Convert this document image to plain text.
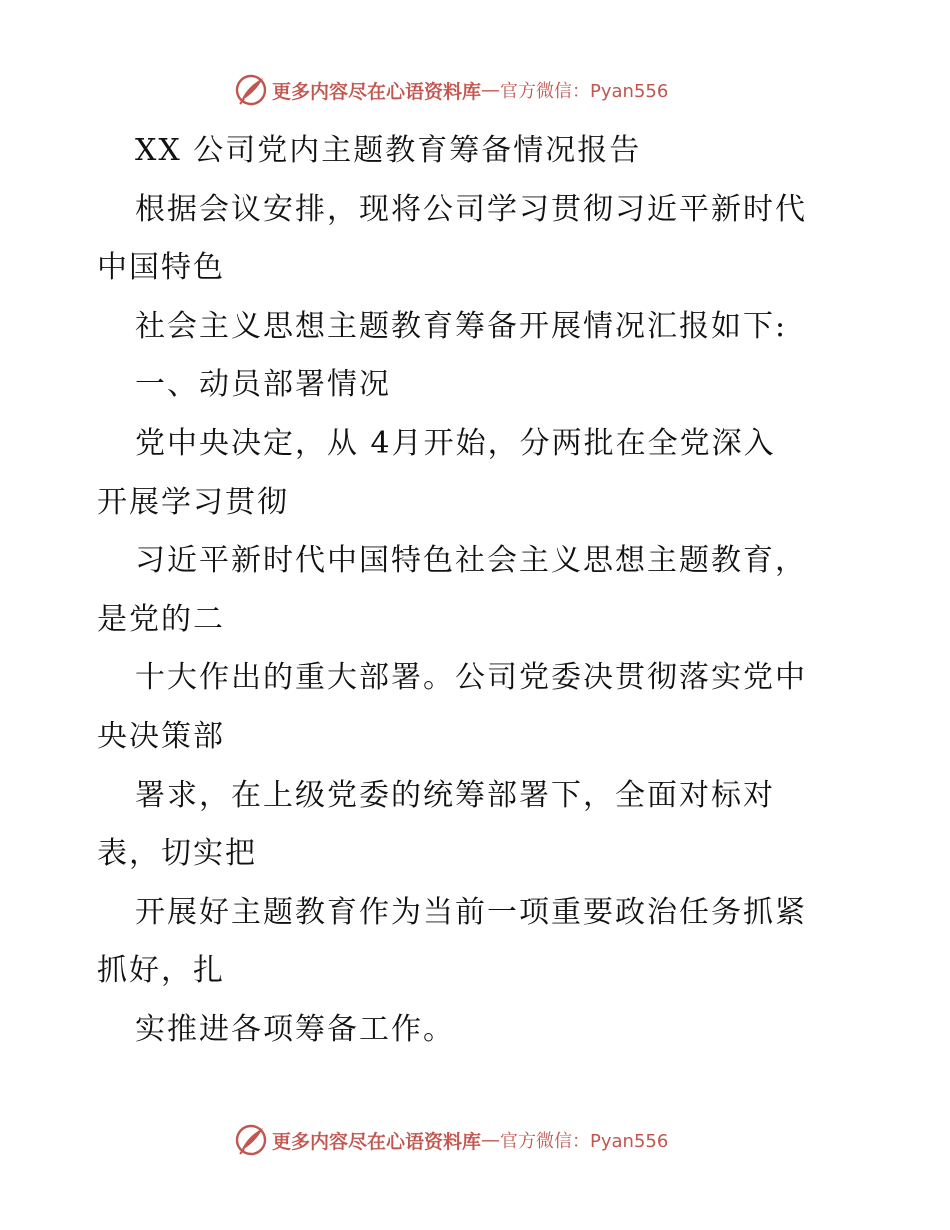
更多内容尽在心语资料库 — 官方微信：Pyan556
XX 公司党内主题教育筹备情况报告
根据会议安排，现将公司学习贯彻习近平新时代
中国特色
社会主义思想主题教育筹备开展情况汇报如下:
一、动员部署情况
党中央决定，从 4月开始，分两批在全党深入
开展学习贯彻
习近平新时代中国特色社会主义思想主题教育，
是党的二
十大作出的重大部署。公司党委决贯彻落实党中
央决策部
署求，在上级党委的统筹部署下，全面对标对
表，切实把
开展好主题教育作为当前一项重要政治任务抓紧
抓好，扎
实推进各项筹备工作。
更多内容尽在心语资料库 — 官方微信：Pyan556
